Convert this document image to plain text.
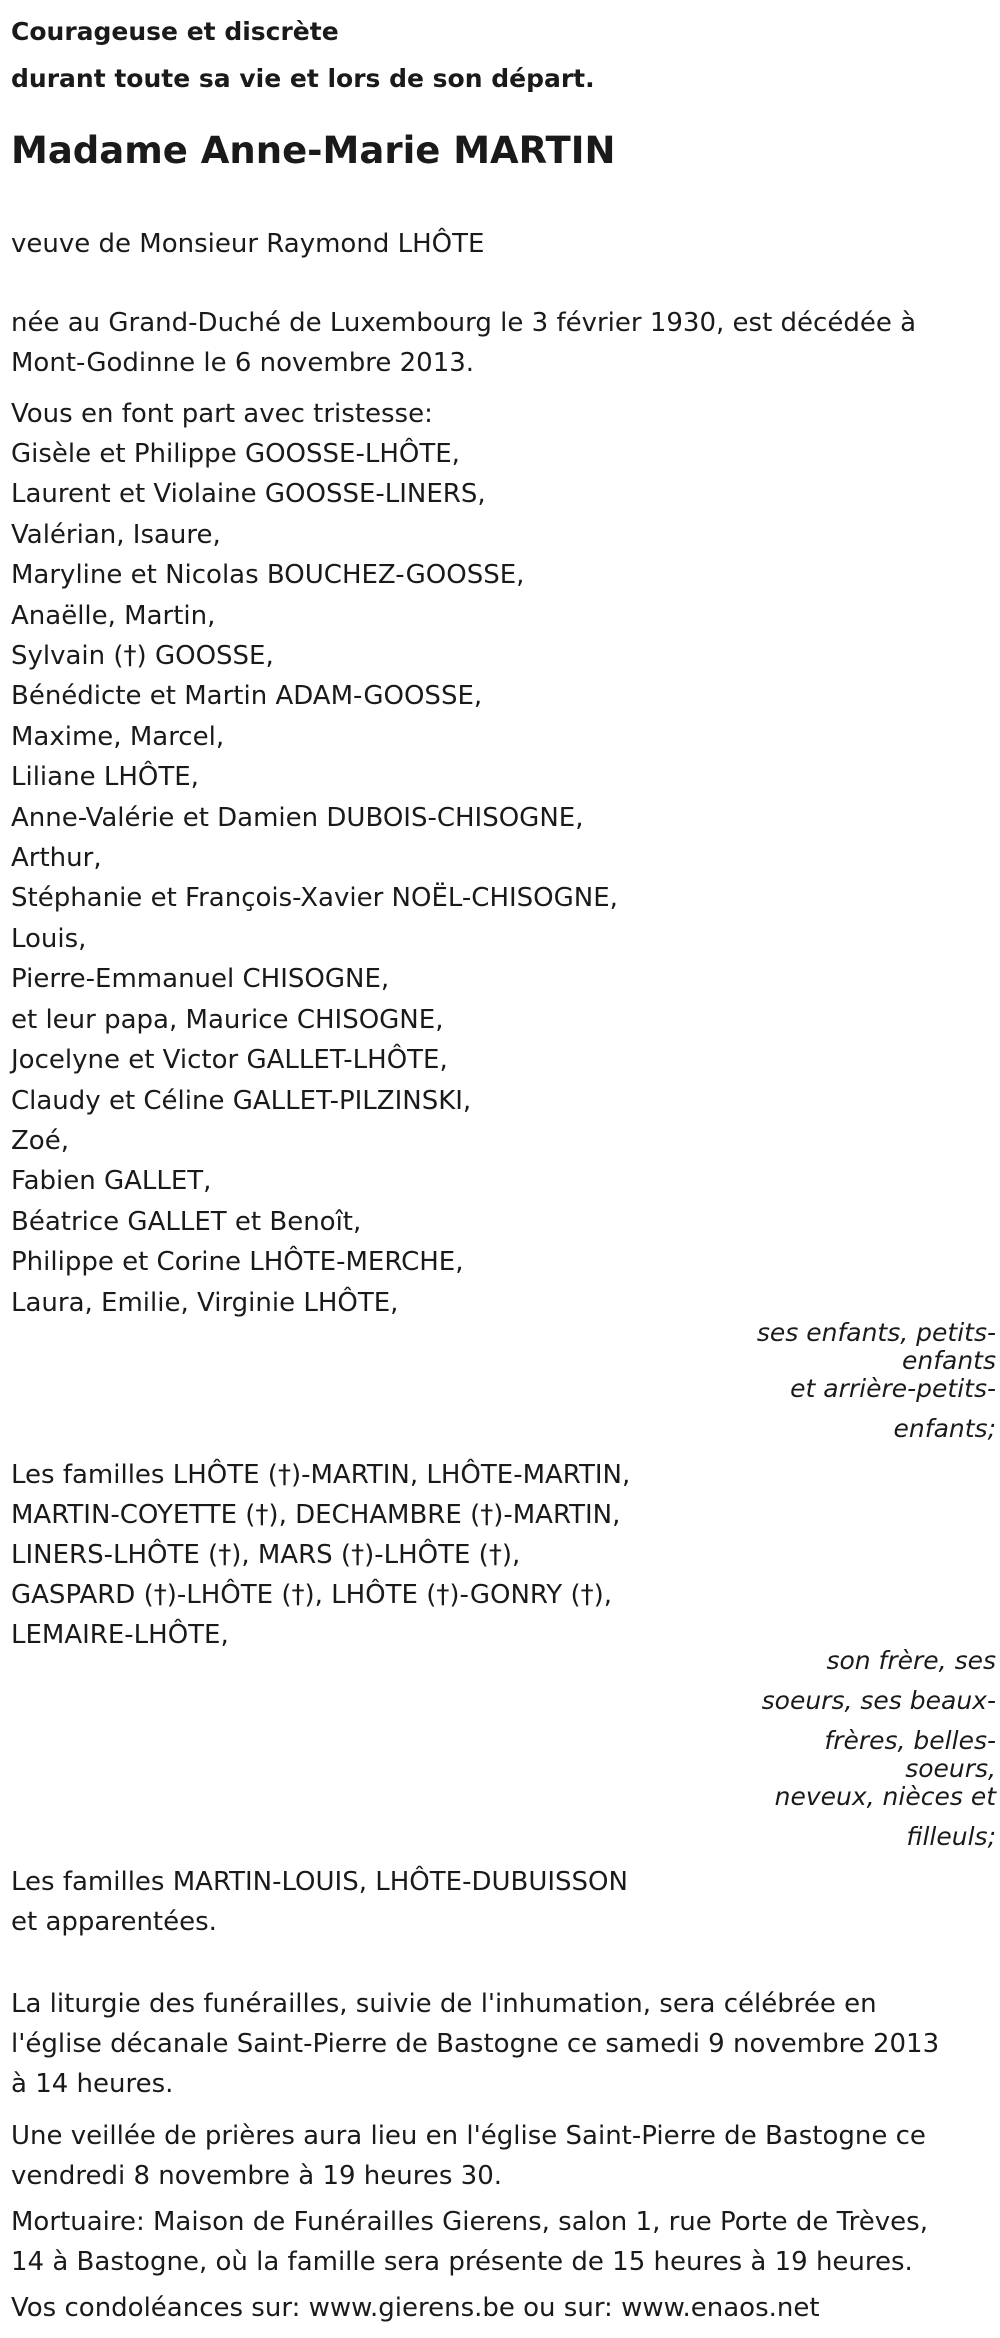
Courageuse et discrète
durant toute sa vie et lors de son départ.
Madame Anne-Marie MARTIN
veuve de Monsieur Raymond LHÔTE
née au Grand-Duché de Luxembourg le 3 février 1930, est décédée à Mont-Godinne le 6 novembre 2013.
Vous en font part avec tristesse:
Gisèle et Philippe GOOSSE-LHÔTE,
Laurent et Violaine GOOSSE-LINERS,
Valérian, Isaure,
Maryline et Nicolas BOUCHEZ-GOOSSE,
Anaëlle, Martin,
Sylvain (†) GOOSSE,
Bénédicte et Martin ADAM-GOOSSE,
Maxime, Marcel,
Liliane LHÔTE,
Anne-Valérie et Damien DUBOIS-CHISOGNE,
Arthur,
Stéphanie et François-Xavier NOËL-CHISOGNE,
Louis,
Pierre-Emmanuel CHISOGNE,
et leur papa, Maurice CHISOGNE,
Jocelyne et Victor GALLET-LHÔTE,
Claudy et Céline GALLET-PILZINSKI,
Zoé,
Fabien GALLET,
Béatrice GALLET et Benoît,
Philippe et Corine LHÔTE-MERCHE,
Laura, Emilie, Virginie LHÔTE,
ses enfants, petits-
enfants
et arrière-petits-
enfants;
Les familles LHÔTE (†)-MARTIN, LHÔTE-MARTIN,
MARTIN-COYETTE (†), DECHAMBRE (†)-MARTIN,
LINERS-LHÔTE (†), MARS (†)-LHÔTE (†),
GASPARD (†)-LHÔTE (†), LHÔTE (†)-GONRY (†),
LEMAIRE-LHÔTE,
son frère, ses
soeurs, ses beaux-
frères, belles-
soeurs,
neveux, nièces et
filleuls;
Les familles MARTIN-LOUIS, LHÔTE-DUBUISSON
et apparentées.
La liturgie des funérailles, suivie de l'inhumation, sera célébrée en l'église décanale Saint-Pierre de Bastogne ce samedi 9 novembre 2013 à 14 heures.
Une veillée de prières aura lieu en l'église Saint-Pierre de Bastogne ce vendredi 8 novembre à 19 heures 30.
Mortuaire: Maison de Funérailles Gierens, salon 1, rue Porte de Trèves, 14 à Bastogne, où la famille sera présente de 15 heures à 19 heures.
Vos condoléances sur: www.gierens.be ou sur: www.enaos.net
